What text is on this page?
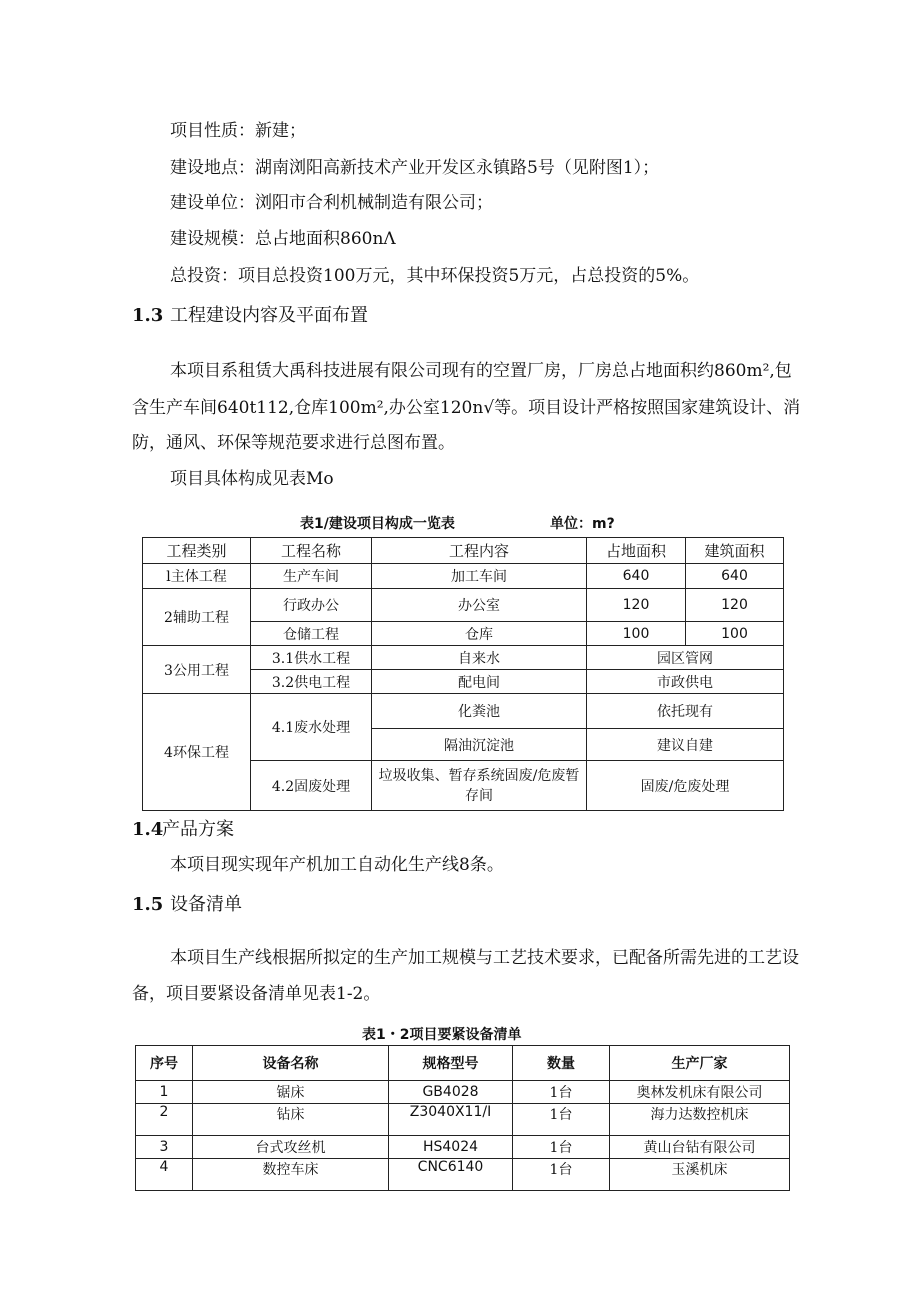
项目性质：新建；
建设地点：湖南浏阳高新技术产业开发区永镇路5号（见附图1）；
建设单位：浏阳市合利机械制造有限公司；
建设规模：总占地面积860nΛ
总投资：项目总投资100万元，其中环保投资5万元，占总投资的5%。
1.3 工程建设内容及平面布置
本项目系租赁大禹科技进展有限公司现有的空置厂房，厂房总占地面积约860m²,包
含生产车间640t112,仓库100m²,办公室120n√等。项目设计严格按照国家建筑设计、消
防，通风、环保等规范要求进行总图布置。
项目具体构成见表Mo
表1/建设项目构成一览表	单位：m?
工程类别	工程名称	工程内容	占地面积	建筑面积
l主体工程	生产车间	加工车间	640	640
2辅助工程	行政办公	办公室	120	120
	仓储工程	仓库	100	100
3公用工程	3.1供水工程	自来水	园区管网	
	3.2供电工程	配电间	市政供电	
4环保工程	4.1废水处理	化粪池	依托现有	
		隔油沉淀池	建议自建	
	4.2固废处理	垃圾收集、暂存系统固废/危废暂存间	固废/危废处理	
1.4产品方案
本项目现实现年产机加工自动化生产线8条。
1.5 设备清单
本项目生产线根据所拟定的生产加工规模与工艺技术要求，已配备所需先进的工艺设
备，项目要紧设备清单见表1-2。
表1・2项目要紧设备清单
序号	设备名称	规格型号	数量	生产厂家
1	锯床	GB4028	1台	奥林发机床有限公司
2	钻床	Z3040X11/I	1台	海力达数控机床
3	台式攻丝机	HS4024	1台	黄山台钻有限公司
4	数控车床	CNC6140	1台	玉溪机床
